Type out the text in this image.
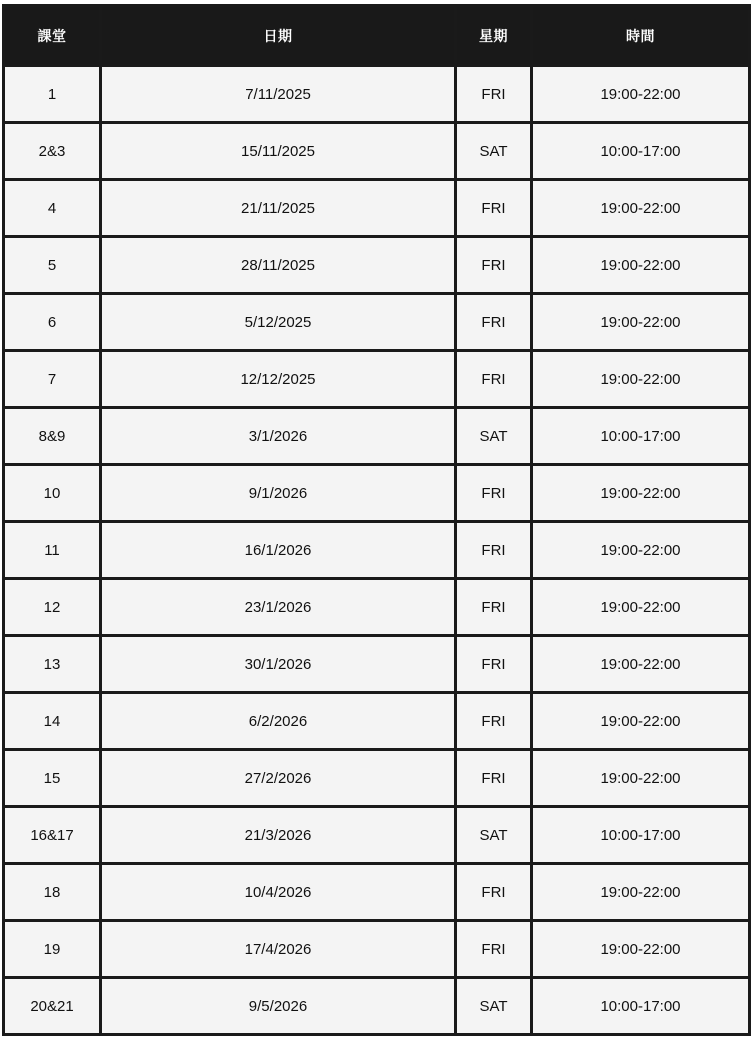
課堂	日期	星期	時間
1	7/11/2025	FRI	19:00-22:00
2&3	15/11/2025	SAT	10:00-17:00
4	21/11/2025	FRI	19:00-22:00
5	28/11/2025	FRI	19:00-22:00
6	5/12/2025	FRI	19:00-22:00
7	12/12/2025	FRI	19:00-22:00
8&9	3/1/2026	SAT	10:00-17:00
10	9/1/2026	FRI	19:00-22:00
11	16/1/2026	FRI	19:00-22:00
12	23/1/2026	FRI	19:00-22:00
13	30/1/2026	FRI	19:00-22:00
14	6/2/2026	FRI	19:00-22:00
15	27/2/2026	FRI	19:00-22:00
16&17	21/3/2026	SAT	10:00-17:00
18	10/4/2026	FRI	19:00-22:00
19	17/4/2026	FRI	19:00-22:00
20&21	9/5/2026	SAT	10:00-17:00
